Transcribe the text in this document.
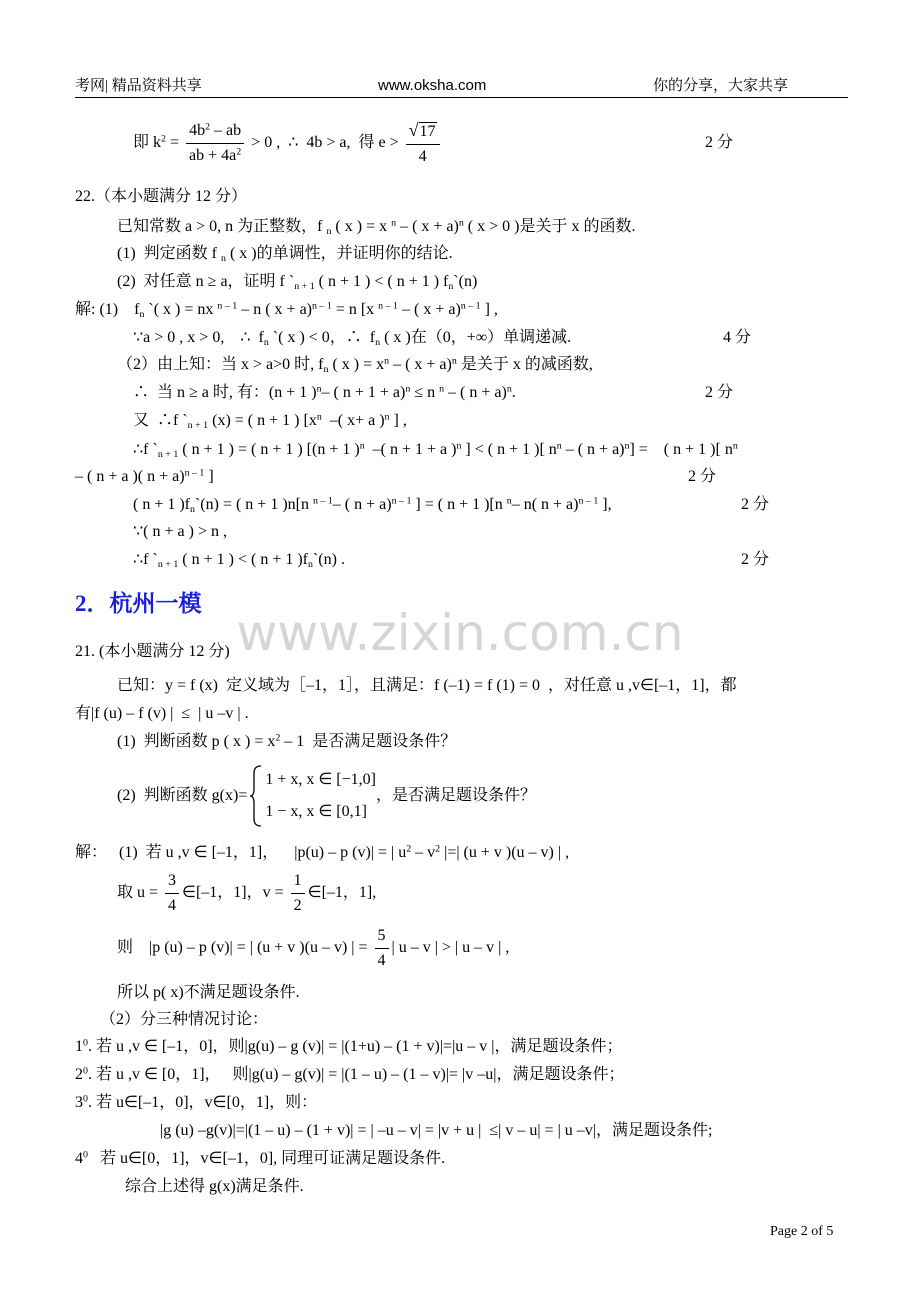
考网| 精品资料共享	www.oksha.com	你的分享，大家共享
即 $k^2 = \frac{4b^2 - ab}{ab + 4a^2} > 0$ ,  ∴  4b > a,  得 $e > \frac{√17}{4}$	2 分
22.（本小题满分 12 分）
已知常数 a > 0, n 为正整数，f $_n$ ( x ) = x $^n$ – ( x + a)$^n$ ( x > 0 )是关于 x 的函数.
(1)  判定函数 f $_n$ ( x )的单调性，并证明你的结论.
(2)  对任意 n ≥ a，证明 f $`_{n + 1}$ ( n + 1 ) < ( n + 1 ) $f_n`(n)$
解: (1)    $f_n$ `( x ) = nx $^{n - 1}$ – n ( x + a)$^{n - 1}$ = n [x $^{n - 1}$ – ( x + a)$^{n - 1}$ ] ,
∵a > 0 , x > 0,    ∴  $f_n$ `( x ) < 0，∴  $f_n$ ( x )在（0，+∞）单调递减.	4 分
（2）由上知：当 x > a>0 时, $f_n$ ( x ) = $x^n$ – ( x + a)$^n$ 是关于 x 的减函数,
∴  当 n ≥ a 时, 有：(n + 1 )$^n$– ( n + 1 + a)$^n$ ≤ n $^n$ – ( n + a)$^n$.	2 分
又  ∴f $`_{n + 1}$ (x) = ( n + 1 ) [$x^n$  –( x+ a )$^n$ ] ,
∴f $`_{n + 1}$ ( n + 1 ) = ( n + 1 ) [(n + 1 )$^n$  –( n + 1 + a )$^n$ ] < ( n + 1 )[ $n^n$ – ( n + a)$^n$] =    ( n + 1 )[ $n^n$
– ( n + a )( n + a)$^{n - 1}$ ]	2 分
( n + 1 )$f_n`(n)$ = ( n + 1 )n[n $^{n - 1}$– ( n + a)$^{n - 1}$ ] = ( n + 1 )[n $^n$– n( n + a)$^{n - 1}$ ],	2 分
∵( n + a ) > n ,
∴f $`_{n + 1}$ ( n + 1 ) < ( n + 1 )$f_n`(n)$ .	2 分
www.zixin.com.cn
2．杭州一模
21. (本小题满分 12 分)
已知：y = f (x)  定义域为［–1，1］，且满足：f (–1) = f (1) = 0  ，对任意 u ,v∈[–1，1]，都
有|f (u) – f (v) |  ≤  | u –v | .
(1)  判断函数 p ( x ) = $x^2 - 1$  是否满足题设条件？
(2)  判断函数 g(x)=
1 + x, x ∈ [−1,0]
1 − x, x ∈ [0,1]
，是否满足题设条件？
解：   (1)  若 u ,v ∈ [–1，1]，    |p(u) – p (v)| = | $u^2 - v^2$ |=| (u + v )(u – v) | ,
取 $u = \frac{3}{4}$ ∈[–1，1]，$v = \frac{1}{2}$ ∈[–1，1],
则    |p (u) – p (v)| = | (u + v )(u – v) | = $\frac{5}{4}$ | u – v | > | u – v | ,
所以 p( x)不满足题设条件.
（2）分三种情况讨论：
$1^0$. 若 u ,v ∈ [–1，0]，则|g(u) – g (v)| = |(1+u) – (1 + v)|=|u – v |，满足题设条件；
$2^0$. 若 u ,v ∈ [0，1]，   则|g(u) – g(v)| = |(1 – u) – (1 – v)|= |v –u|，满足题设条件；
$3^0$. 若 u∈[–1，0]，v∈[0，1]，则：
|g (u) –g(v)|=|(1 – u) – (1 + v)| = | –u – v| = |v + u |  ≤| v – u| = | u –v|，满足题设条件;
$4^0$   若 u∈[0，1]，v∈[–1，0], 同理可证满足题设条件.
综合上述得 g(x)满足条件.
Page 2 of 5
